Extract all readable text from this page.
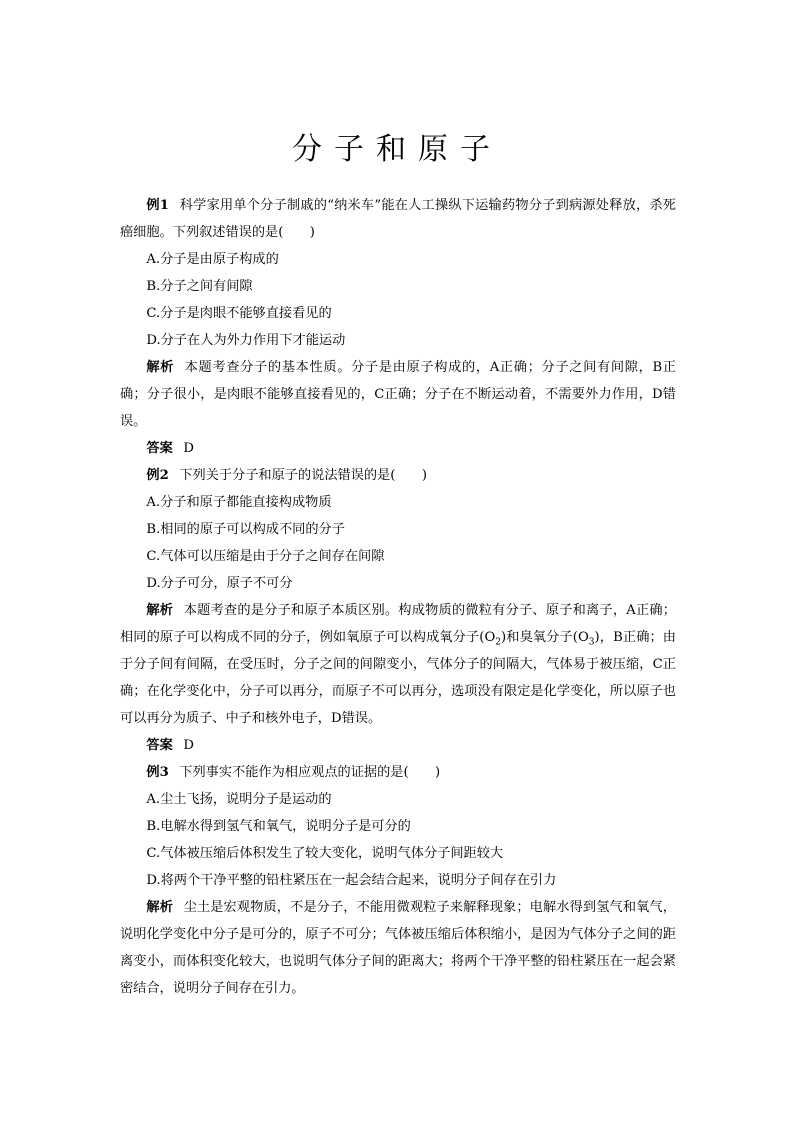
分子和原子

例1 科学家用单个分子制戚的“纳米车”能在人工操纵下运输药物分子到病源处释放，杀死癌细胞。下列叙述错误的是(　　)

A.分子是由原子构成的

B.分子之间有间隙

C.分子是肉眼不能够直接看见的

D.分子在人为外力作用下才能运动

解析 本题考查分子的基本性质。分子是由原子构成的，A正确；分子之间有间隙，B正确；分子很小，是肉眼不能够直接看见的，C正确；分子在不断运动着，不需要外力作用，D错误。

答案 D

例2 下列关于分子和原子的说法错误的是(　　)

A.分子和原子都能直接构成物质

B.相同的原子可以构成不同的分子

C.气体可以压缩是由于分子之间存在间隙

D.分子可分，原子不可分

解析 本题考查的是分子和原子本质区别。构成物质的微粒有分子、原子和离子，A正确；相同的原子可以构成不同的分子，例如氧原子可以构成氧分子$(O_2)$和臭氧分子$(O_3)$，B正确；由于分子间有间隔，在受压时，分子之间的间隙变小，气体分子的间隔大，气体易于被压缩，C正确；在化学变化中，分子可以再分，而原子不可以再分，选项没有限定是化学变化，所以原子也可以再分为质子、中子和核外电子，D错误。

答案 D

例3 下列事实不能作为相应观点的证据的是(　　)

A.尘土飞扬，说明分子是运动的

B.电解水得到氢气和氧气，说明分子是可分的

C.气体被压缩后体积发生了较大变化，说明气体分子间距较大

D.将两个干净平整的铅柱紧压在一起会结合起来，说明分子间存在引力

解析 尘土是宏观物质，不是分子，不能用微观粒子来解释现象；电解水得到氢气和氧气，说明化学变化中分子是可分的，原子不可分；气体被压缩后体积缩小，是因为气体分子之间的距离变小，而体积变化较大，也说明气体分子间的距离大；将两个干净平整的铅柱紧压在一起会紧密结合，说明分子间存在引力。
